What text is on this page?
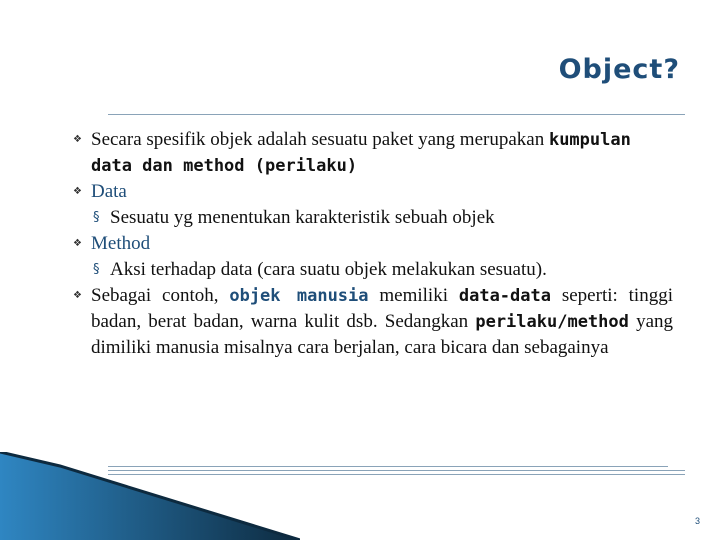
Object?
❖ Secara spesifik objek adalah sesuatu paket yang merupakan kumpulan data dan method (perilaku)
❖ Data
§ Sesuatu yg menentukan karakteristik sebuah objek
❖ Method
§ Aksi terhadap data (cara suatu objek melakukan sesuatu).
❖ Sebagai contoh, objek manusia memiliki data-data seperti: tinggi badan, berat badan, warna kulit dsb. Sedangkan perilaku/method yang dimiliki manusia misalnya cara berjalan, cara bicara dan sebagainya
3
